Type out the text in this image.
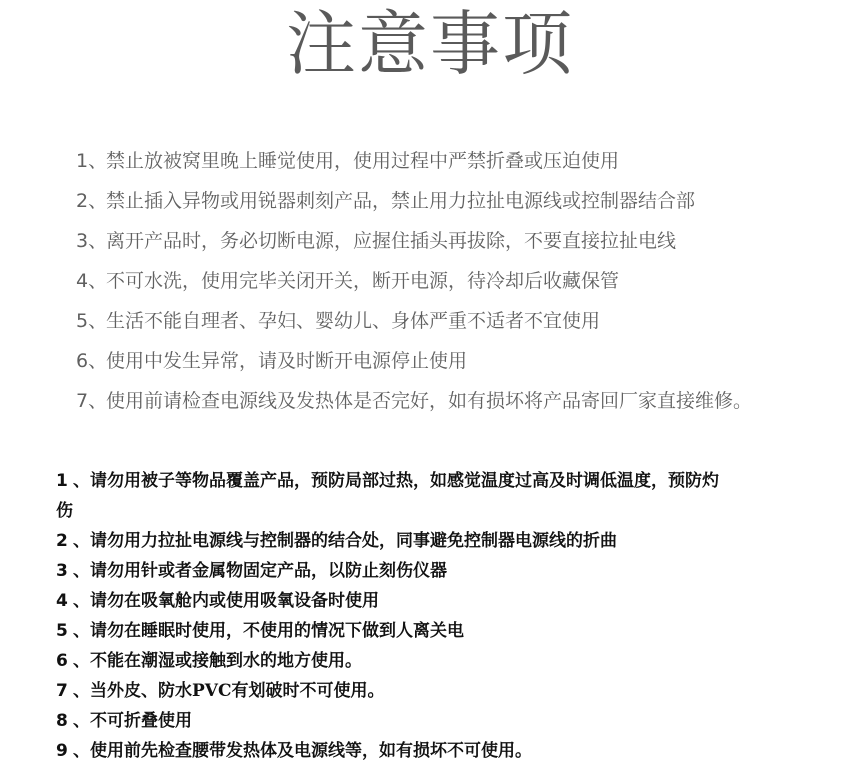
注意事项
1、
禁止放被窝里晚上睡觉使用，使用过程中严禁折叠或压迫使用
2、
禁止插入异物或用锐器刺刻产品，禁止用力拉扯电源线或控制器结合部
3、
离开产品时，务必切断电源，应握住插头再拔除，不要直接拉扯电线
4、
不可水洗，使用完毕关闭开关，断开电源，待冷却后收藏保管
5、
生活不能自理者、孕妇、婴幼儿、身体严重不适者不宜使用
6、
使用中发生异常，请及时断开电源停止使用
7、
使用前请检查电源线及发热体是否完好，如有损坏将产品寄回厂家直接维修。
1 、请勿用被子等物品覆盖产品，预防局部过热，如感觉温度过高及时调低温度，预防灼
伤
2 、请勿用力拉扯电源线与控制器的结合处，同事避免控制器电源线的折曲
3 、请勿用针或者金属物固定产品，以防止刻伤仪器
4 、请勿在吸氧舱内或使用吸氧设备时使用
5 、请勿在睡眠时使用，不使用的情况下做到人离关电
6 、不能在潮湿或接触到水的地方使用。
7 、当外皮、防水PVC有划破时不可使用。
8 、不可折叠使用
9 、使用前先检查腰带发热体及电源线等，如有损坏不可使用。
